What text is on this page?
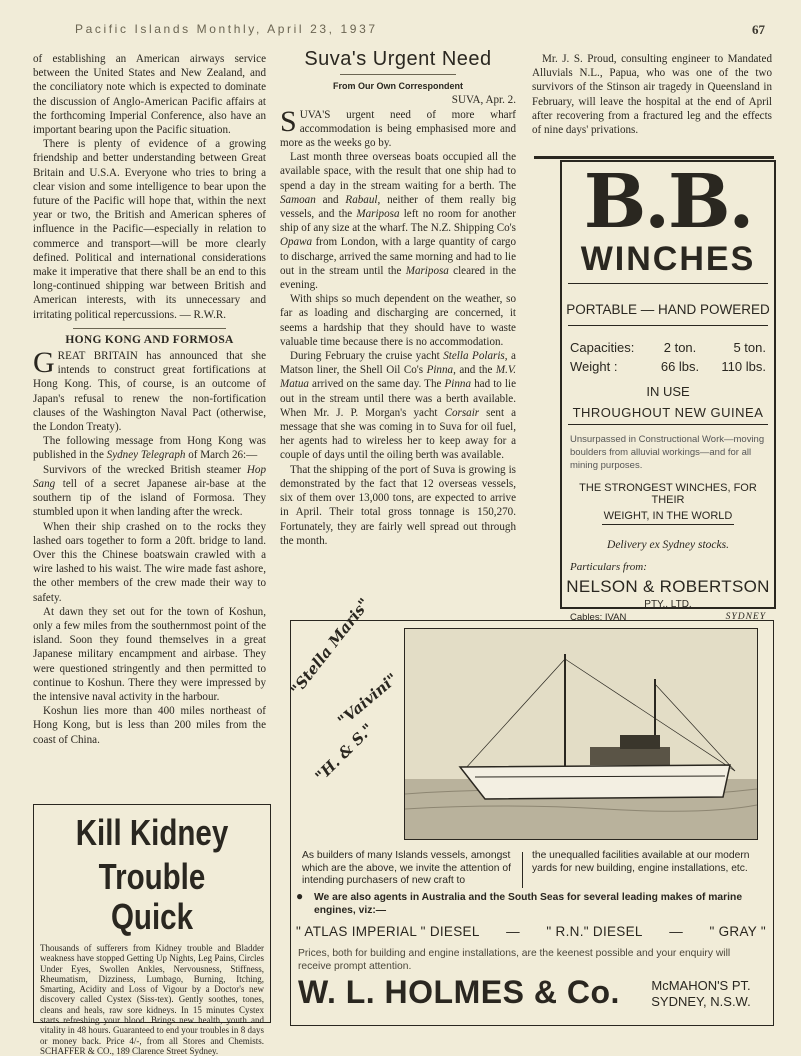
Pacific Islands Monthly, April 23, 1937	67

of establishing an American airways service between the United States and New Zealand, and the conciliatory note which is expected to dominate the discussion of Anglo-American Pacific affairs at the forthcoming Imperial Conference, also have an important bearing upon the Pacific situation.

There is plenty of evidence of a growing friendship and better understanding between Great Britain and U.S.A. Everyone who tries to bring a clear vision and some intelligence to bear upon the future of the Pacific will hope that, within the next year or two, the British and American spheres of influence in the Pacific—especially in relation to commerce and transport—will be more clearly defined. Political and international considerations make it imperative that there shall be an end to this long-continued shipping war between British and American interests, with its unnecessary and irritating political repercussions. — R.W.R.

HONG KONG AND FORMOSA

GREAT BRITAIN has announced that she intends to construct great fortifications at Hong Kong. This, of course, is an outcome of Japan's refusal to renew the non-fortification clauses of the Washington Naval Pact (otherwise, the London Treaty).

The following message from Hong Kong was published in the Sydney Telegraph of March 26:—

Survivors of the wrecked British steamer Hop Sang tell of a secret Japanese air-base at the southern tip of the island of Formosa. They stumbled upon it when landing after the wreck.

When their ship crashed on to the rocks they lashed oars together to form a 20ft. bridge to land. Over this the Chinese boatswain crawled with a wire lashed to his waist. The wire made fast ashore, the other members of the crew made their way to safety.

At dawn they set out for the town of Koshun, only a few miles from the southernmost point of the island. Soon they found themselves in a great Japanese military encampment and airbase. They were questioned stringently and then permitted to continue to Koshun. There they were impressed by the intensive naval activity in the harbour.

Koshun lies more than 400 miles northeast of Hong Kong, but is less than 200 miles from the coast of China.

Suva's Urgent Need
From Our Own Correspondent

SUVA, Apr. 2.

SUVA'S urgent need of more wharf accommodation is being emphasised more and more as the weeks go by.

Last month three overseas boats occupied all the available space, with the result that one ship had to spend a day in the stream waiting for a berth. The Samoan and Rabaul, neither of them really big vessels, and the Mariposa left no room for another ship of any size at the wharf. The N.Z. Shipping Co's Opawa from London, with a large quantity of cargo to discharge, arrived the same morning and had to lie out in the stream until the Mariposa cleared in the evening.

With ships so much dependent on the weather, so far as loading and discharging are concerned, it seems a hardship that they should have to waste valuable time because there is no accommodation.

During February the cruise yacht Stella Polaris, a Matson liner, the Shell Oil Co's Pinna, and the M.V. Matua arrived on the same day. The Pinna had to lie out in the stream until there was a berth available. When Mr. J. P. Morgan's yacht Corsair sent a message that she was coming in to Suva for oil fuel, her agents had to wireless her to keep away for a couple of days until the oiling berth was available.

That the shipping of the port of Suva is growing is demonstrated by the fact that 12 overseas vessels, six of them over 13,000 tons, are expected to arrive in April. Their total gross tonnage is 150,270. Fortunately, they are fairly well spread out through the month.

Mr. J. S. Proud, consulting engineer to Mandated Alluvials N.L., Papua, who was one of the two survivors of the Stinson air tragedy in Queensland in February, will leave the hospital at the end of April after recovering from a fractured leg and the effects of nine days' privations.

B.B.
WINCHES
PORTABLE — HAND POWERED
Capacities:	2 ton.	5 ton.
Weight :	66 lbs.	110 lbs.
IN USE
THROUGHOUT NEW GUINEA
Unsurpassed in Constructional Work—moving boulders from alluvial workings—and for all mining purposes.
THE STRONGEST WINCHES, FOR THEIR
WEIGHT, IN THE WORLD
Delivery ex Sydney stocks.
Particulars from:
NELSON & ROBERTSON
PTY., LTD.
Cables: IVAN	SYDNEY
Kill Kidney
Trouble Quick
Thousands of sufferers from Kidney trouble and Bladder weakness have stopped Getting Up Nights, Leg Pains, Circles Under Eyes, Swollen Ankles, Nervousness, Stiffness, Rheumatism, Dizziness, Lumbago, Burning, Itching, Smarting, Acidity and Loss of Vigour by a Doctor's new discovery called Cystex (Siss-tex). Gently soothes, tones, cleans and heals, raw sore kidneys. In 15 minutes Cystex starts refreshing your blood. Brings new health, youth and vitality in 48 hours. Guaranteed to end your troubles in 8 days or money back. Price 4/-, from all Stores and Chemists. SCHAFFER & CO., 189 Clarence Street Sydney.
"Stella Maris"
"Vaivini"
"H. & S."
As builders of many Islands vessels, amongst which are the above, we invite the attention of intending purchasers of new craft to
the unequalled facilities available at our modern yards for new building, engine installations, etc.
● We are also agents in Australia and the South Seas for several leading makes of marine engines, viz:—
" ATLAS IMPERIAL " DIESEL — " R.N." DIESEL — " GRAY "
Prices, both for building and engine installations, are the keenest possible and your enquiry will receive prompt attention.
W. L. HOLMES & Co.	McMAHON'S PT.
SYDNEY, N.S.W.
